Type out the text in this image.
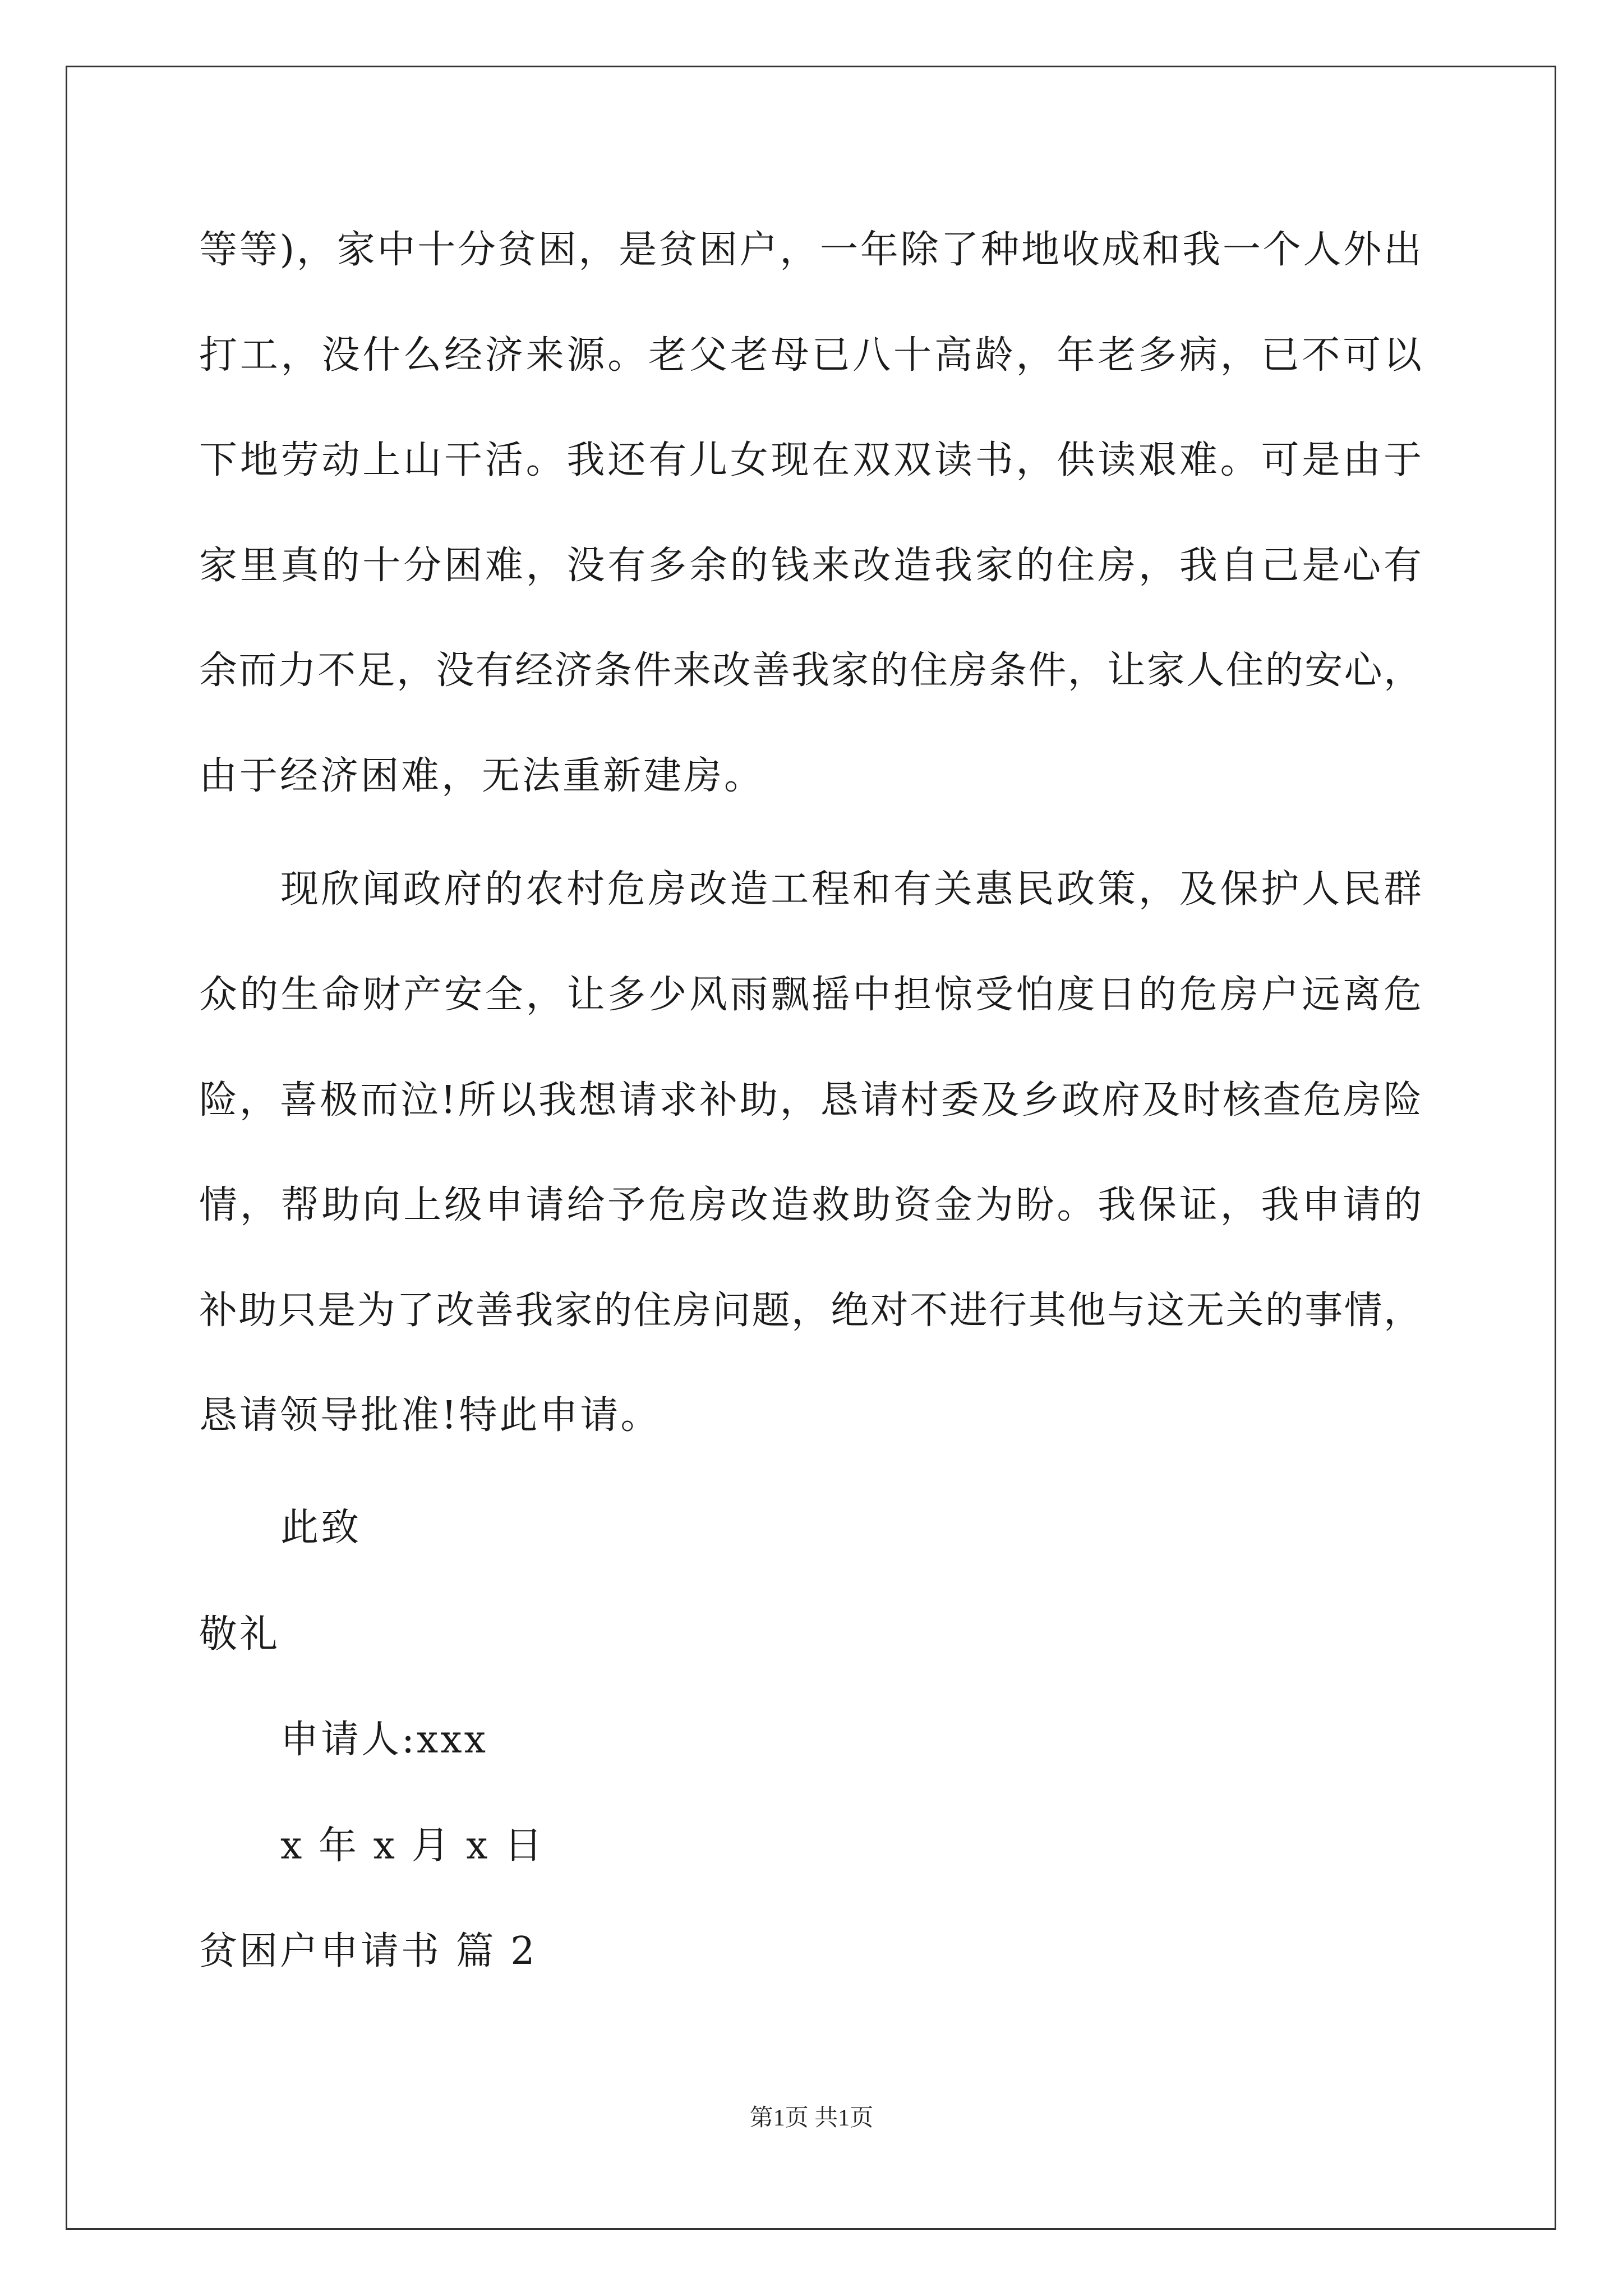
等等)，家中十分贫困，是贫困户，一年除了种地收成和我一个人外出
打工，没什么经济来源。老父老母已八十高龄，年老多病，已不可以
下地劳动上山干活。我还有儿女现在双双读书，供读艰难。可是由于
家里真的十分困难，没有多余的钱来改造我家的住房，我自己是心有
余而力不足，没有经济条件来改善我家的住房条件，让家人住的安心，
由于经济困难，无法重新建房。
现欣闻政府的农村危房改造工程和有关惠民政策，及保护人民群
众的生命财产安全，让多少风雨飘摇中担惊受怕度日的危房户远离危
险，喜极而泣!所以我想请求补助，恳请村委及乡政府及时核查危房险
情，帮助向上级申请给予危房改造救助资金为盼。我保证，我申请的
补助只是为了改善我家的住房问题，绝对不进行其他与这无关的事情，
恳请领导批准!特此申请。
此致
敬礼
申请人:xxx
x 年 x 月 x 日
贫困户申请书 篇 2
第1页 共1页
